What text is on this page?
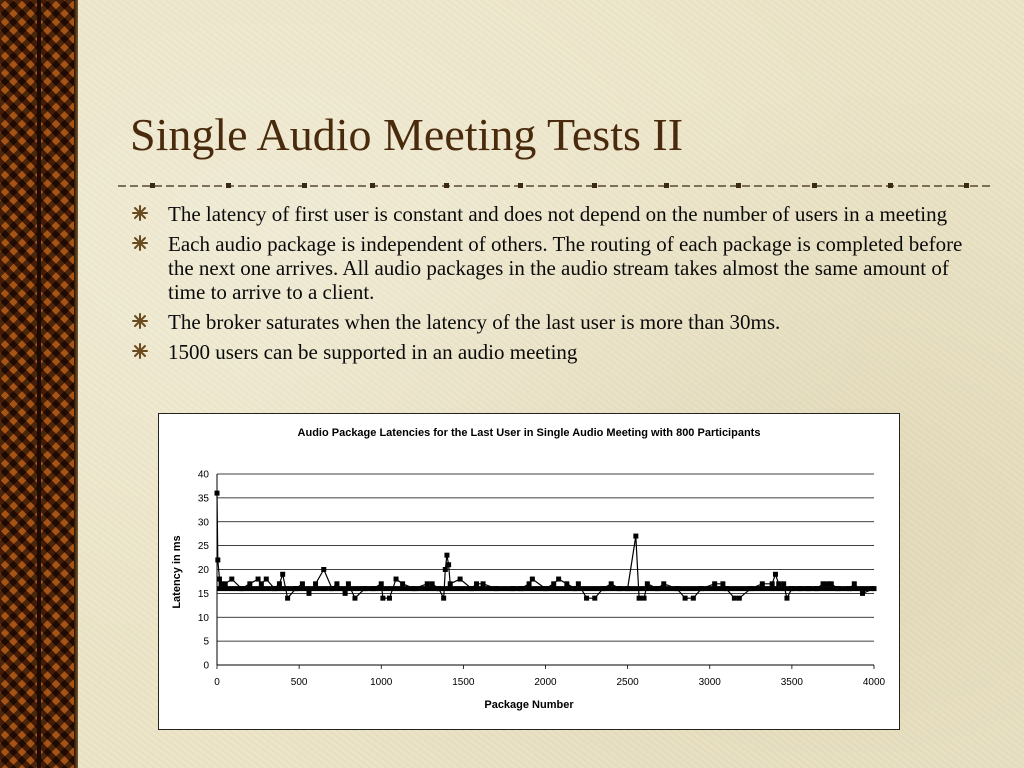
Single Audio Meeting Tests II
The latency of first user is constant and does not depend on the number of users in a meeting
Each audio package is independent of others. The routing of each package is completed before the next one arrives. All audio packages in the audio stream takes almost the same amount of time to arrive to a client.
The broker saturates when the latency of the last user is more than 30ms.
1500 users can be supported in an audio meeting
Audio Package Latencies for the Last User in Single Audio Meeting with 800 Participants
0
5
10
15
20
25
30
35
40
0	500	1000	1500	2000	2500	3000	3500	4000
Latency in ms
Package Number
